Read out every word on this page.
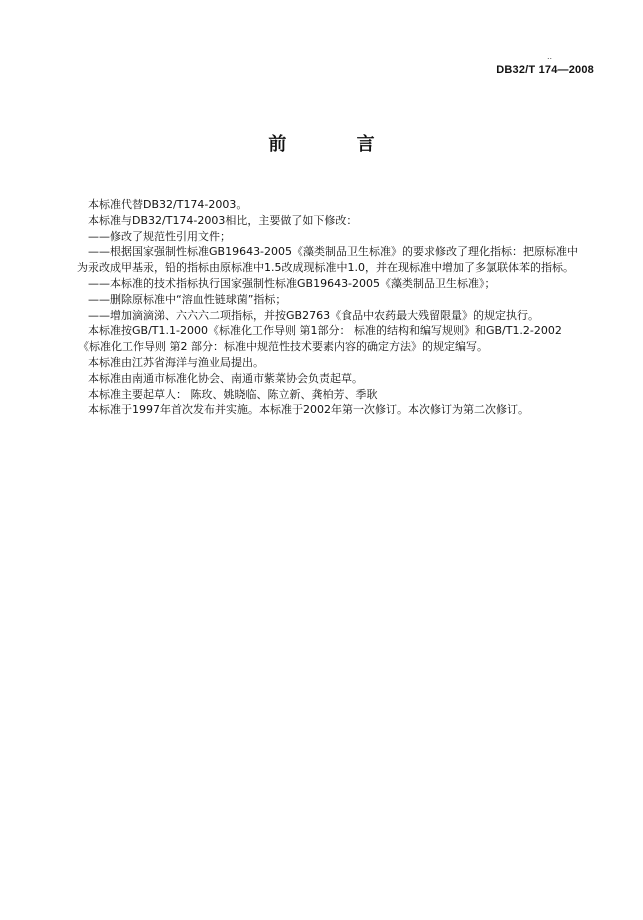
..
DB32/T 174—2008
前 言

本标准代替DB32/T174-2003。

本标准与DB32/T174-2003相比，主要做了如下修改：

——修改了规范性引用文件；

——根据国家强制性标准GB19643-2005《藻类制品卫生标准》的要求修改了理化指标：把原标准中

为汞改成甲基汞，铅的指标由原标准中1.5改成现标准中1.0，并在现标准中增加了多氯联体苯的指标。

——本标准的技术指标执行国家强制性标准GB19643-2005《藻类制品卫生标准》；

——删除原标准中“溶血性链球菌”指标；

——增加滴滴涕、六六六二项指标，并按GB2763《食品中农药最大残留限量》的规定执行。

本标准按GB/T1.1-2000《标准化工作导则 第1部分： 标准的结构和编写规则》和GB/T1.2-2002

《标准化工作导则 第2 部分：标准中规范性技术要素内容的确定方法》的规定编写。

本标准由江苏省海洋与渔业局提出。

本标准由南通市标准化协会、南通市紫菜协会负责起草。

本标准主要起草人： 陈玫、姚晓临、陈立新、龚柏芳、季耿

本标准于1997年首次发布并实施。本标准于2002年第一次修订。本次修订为第二次修订。
